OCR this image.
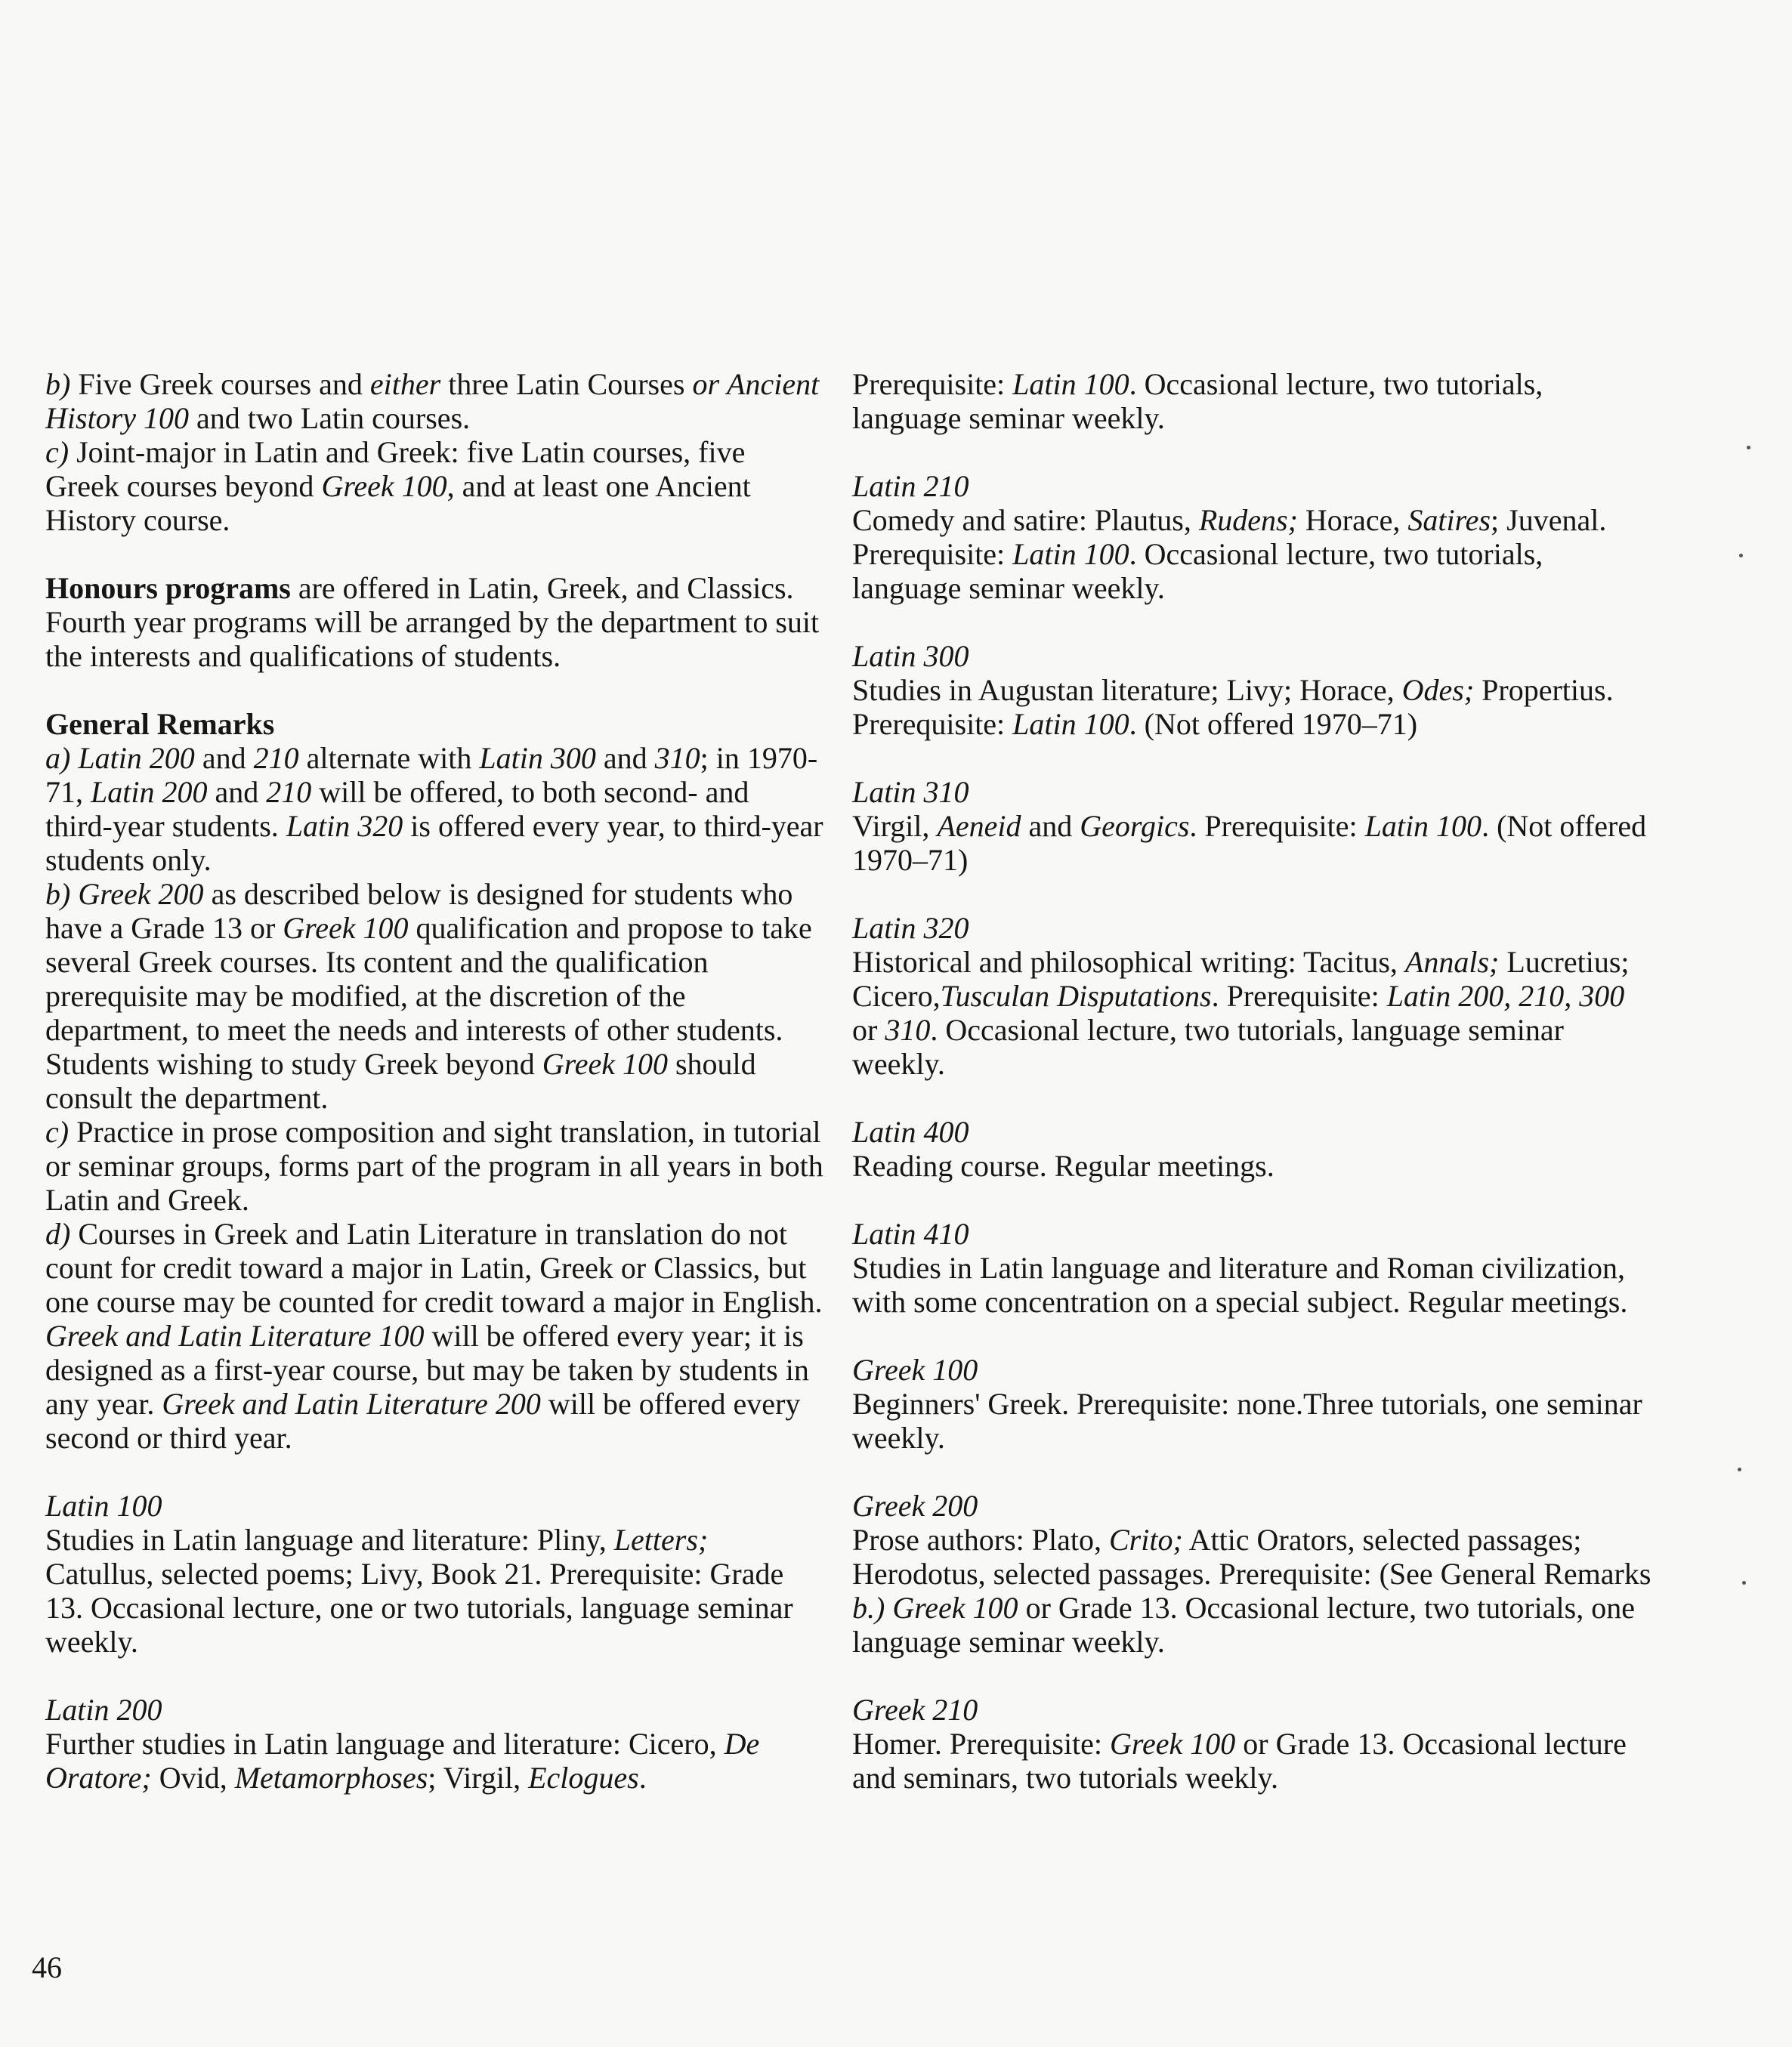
b) Five Greek courses and either three Latin Courses or Ancient History 100 and two Latin courses.

c) Joint-major in Latin and Greek: five Latin courses, five Greek courses beyond Greek 100, and at least one Ancient History course.

Honours programs are offered in Latin, Greek, and Classics. Fourth year programs will be arranged by the department to suit the interests and qualifications of students.

General Remarks

a) Latin 200 and 210 alternate with Latin 300 and 310; in 1970-71, Latin 200 and 210 will be offered, to both second- and third-year students. Latin 320 is offered every year, to third-year students only.

b) Greek 200 as described below is designed for students who have a Grade 13 or Greek 100 qualification and propose to take several Greek courses. Its content and the qualification prerequisite may be modified, at the discretion of the department, to meet the needs and interests of other students. Students wishing to study Greek beyond Greek 100 should consult the department.

c) Practice in prose composition and sight translation, in tutorial or seminar groups, forms part of the program in all years in both Latin and Greek.

d) Courses in Greek and Latin Literature in translation do not count for credit toward a major in Latin, Greek or Classics, but one course may be counted for credit toward a major in English. Greek and Latin Literature 100 will be offered every year; it is designed as a first-year course, but may be taken by students in any year. Greek and Latin Literature 200 will be offered every second or third year.

Latin 100

Studies in Latin language and literature: Pliny, Letters; Catullus, selected poems; Livy, Book 21. Prerequisite: Grade 13. Occasional lecture, one or two tutorials, language seminar weekly.

Latin 200

Further studies in Latin language and literature: Cicero, De Oratore; Ovid, Metamorphoses; Virgil, Eclogues.

Prerequisite: Latin 100. Occasional lecture, two tutorials, language seminar weekly.

Latin 210

Comedy and satire: Plautus, Rudens; Horace, Satires; Juvenal. Prerequisite: Latin 100. Occasional lecture, two tutorials, language seminar weekly.

Latin 300

Studies in Augustan literature; Livy; Horace, Odes; Propertius. Prerequisite: Latin 100. (Not offered 1970–71)

Latin 310

Virgil, Aeneid and Georgics. Prerequisite: Latin 100. (Not offered 1970–71)

Latin 320

Historical and philosophical writing: Tacitus, Annals; Lucretius; Cicero,Tusculan Disputations. Prerequisite: Latin 200, 210, 300 or 310. Occasional lecture, two tutorials, language seminar weekly.

Latin 400

Reading course. Regular meetings.

Latin 410

Studies in Latin language and literature and Roman civilization, with some concentration on a special subject. Regular meetings.

Greek 100

Beginners' Greek. Prerequisite: none.Three tutorials, one seminar weekly.

Greek 200

Prose authors: Plato, Crito; Attic Orators, selected passages; Herodotus, selected passages. Prerequisite: (See General Remarks b.) Greek 100 or Grade 13. Occasional lecture, two tutorials, one language seminar weekly.

Greek 210

Homer. Prerequisite: Greek 100 or Grade 13. Occasional lecture and seminars, two tutorials weekly.

46
